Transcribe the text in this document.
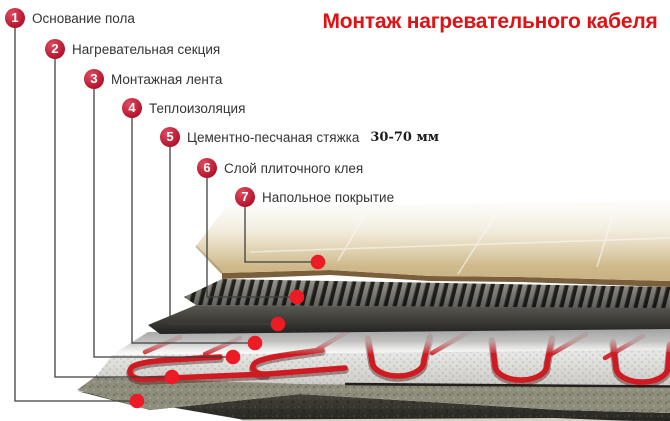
Монтаж нагревательного кабеля
1 Основание пола
2 Нагревательная секция
3 Монтажная лента
4 Теплоизоляция
5 Цементно-песчаная стяжка 30-70 мм
6 Слой плиточного клея
7 Напольное покрытие
